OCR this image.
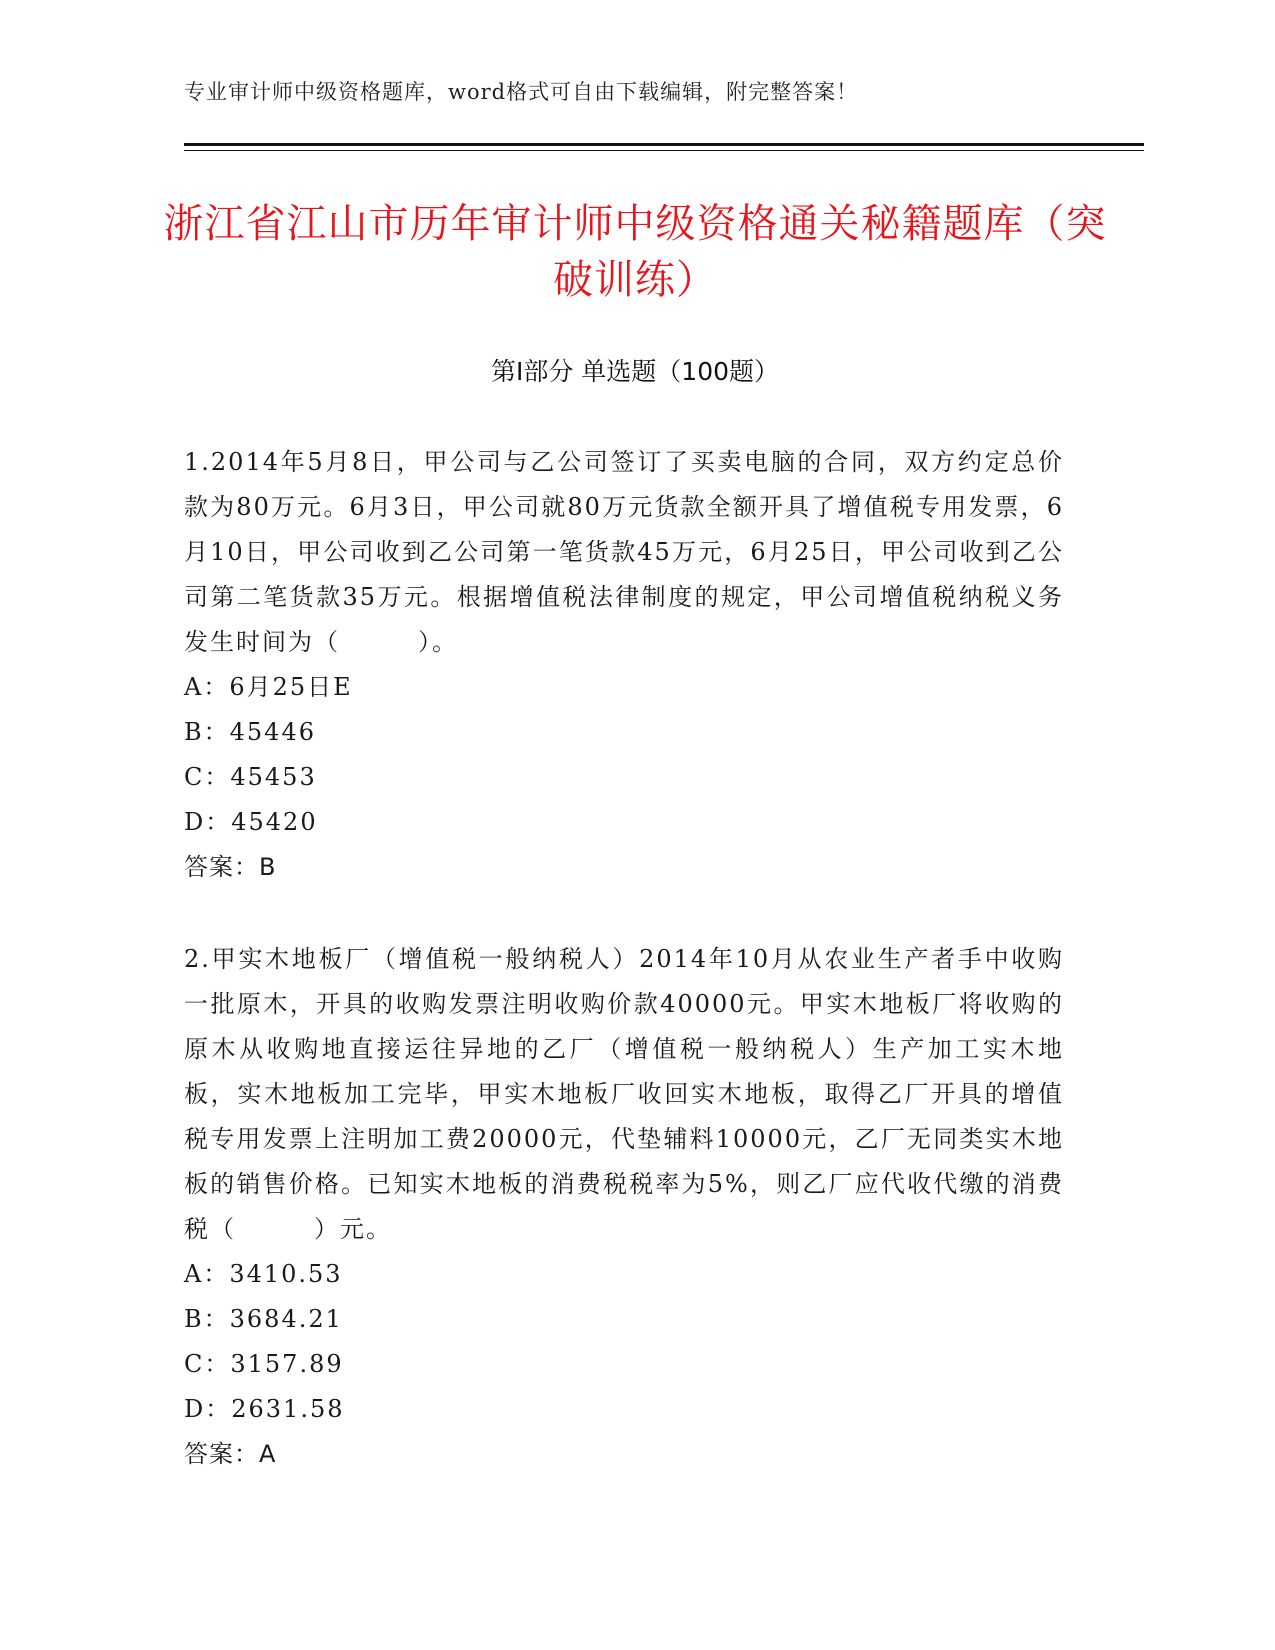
专业审计师中级资格题库，word格式可自由下载编辑，附完整答案！
浙江省江山市历年审计师中级资格通关秘籍题库（突破训练）
第Ⅰ部分 单选题（100题）

1.2014年5月8日，甲公司与乙公司签订了买卖电脑的合同，双方约定总价款为80万元。6月3日，甲公司就80万元货款全额开具了增值税专用发票，6月10日，甲公司收到乙公司第一笔货款45万元，6月25日，甲公司收到乙公司第二笔货款35万元。根据增值税法律制度的规定，甲公司增值税纳税义务发生时间为（　　　）。

A：6月25日E

B：45446

C：45453

D：45420

答案：B

2.甲实木地板厂（增值税一般纳税人）2014年10月从农业生产者手中收购一批原木，开具的收购发票注明收购价款40000元。甲实木地板厂将收购的原木从收购地直接运往异地的乙厂（增值税一般纳税人）生产加工实木地板，实木地板加工完毕，甲实木地板厂收回实木地板，取得乙厂开具的增值税专用发票上注明加工费20000元，代垫辅料10000元，乙厂无同类实木地板的销售价格。已知实木地板的消费税税率为5%，则乙厂应代收代缴的消费税（　　　）元。

A：3410.53

B：3684.21

C：3157.89

D：2631.58

答案：A
